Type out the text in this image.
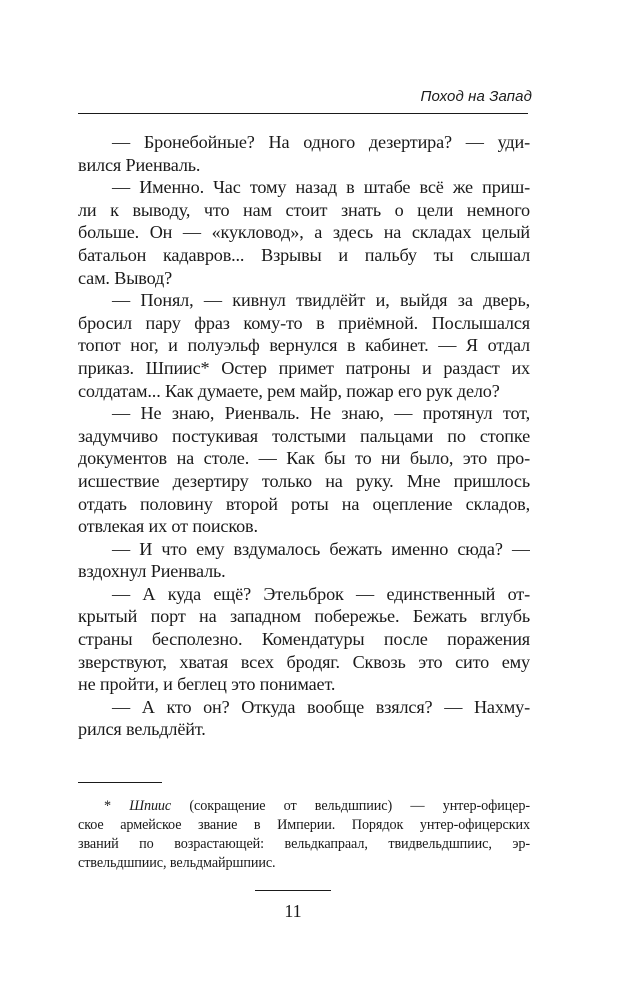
Поход на Запад

— Бронебойные? На одного дезертира? — уди-
вился Риенваль.

— Именно. Час тому назад в штабе всё же приш-
ли к выводу, что нам стоит знать о цели немного
больше. Он — «кукловод», а здесь на складах целый
батальон кадавров... Взрывы и пальбу ты слышал
сам. Вывод?

— Понял, — кивнул твидлёйт и, выйдя за дверь,
бросил пару фраз кому-то в приёмной. Послышался
топот ног, и полуэльф вернулся в кабинет. — Я отдал
приказ. Шпиис* Остер примет патроны и раздаст их
солдатам... Как думаете, рем майр, пожар его рук дело?

— Не знаю, Риенваль. Не знаю, — протянул тот,
задумчиво постукивая толстыми пальцами по стопке
документов на столе. — Как бы то ни было, это про-
исшествие дезертиру только на руку. Мне пришлось
отдать половину второй роты на оцепление складов,
отвлекая их от поисков.

— И что ему вздумалось бежать именно сюда? —
вздохнул Риенваль.

— А куда ещё? Этельброк — единственный от-
крытый порт на западном побережье. Бежать вглубь
страны бесполезно. Комендатуры после поражения
зверствуют, хватая всех бродяг. Сквозь это сито ему
не пройти, и беглец это понимает.

— А кто он? Откуда вообще взялся? — Нахму-
рился вельдлёйт.

* Шпиис (сокращение от вельдшпиис) — унтер-офицер-
ское армейское звание в Империи. Порядок унтер-офицерских
званий по возрастающей: вельдкапраал, твидвельдшпиис, эр-
ствельдшпиис, вельдмайршпиис.
11
